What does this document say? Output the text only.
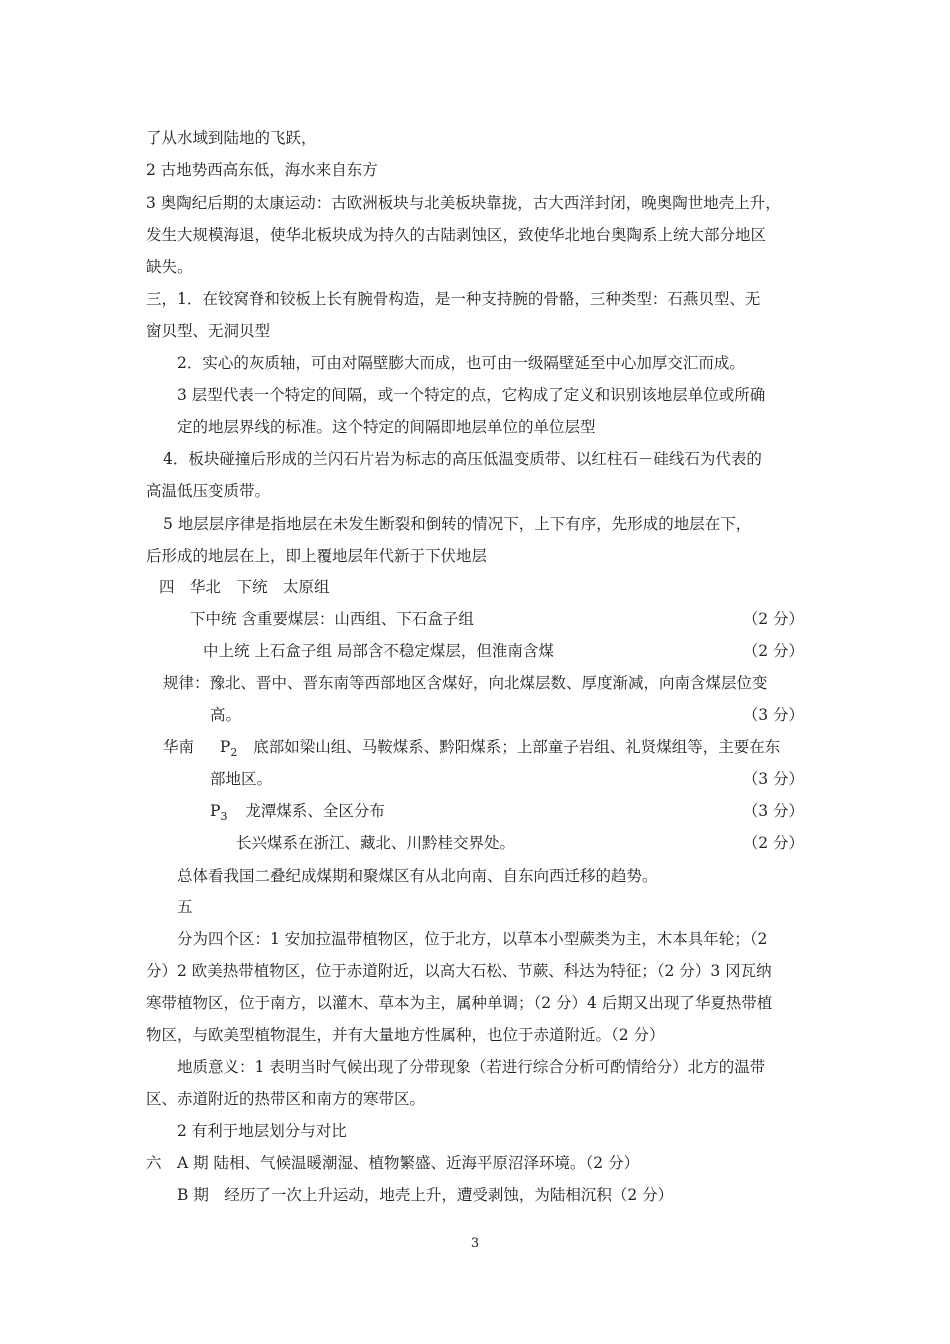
了从水域到陆地的飞跃，
2 古地势西高东低，海水来自东方
3 奥陶纪后期的太康运动：古欧洲板块与北美板块靠拢，古大西洋封闭，晚奥陶世地壳上升，
发生大规模海退，使华北板块成为持久的古陆剥蚀区，致使华北地台奥陶系上统大部分地区
缺失。
三，1．在铰窝脊和铰板上长有腕骨构造，是一种支持腕的骨骼，三种类型：石燕贝型、无
窗贝型、无洞贝型
2．实心的灰质轴，可由对隔壁膨大而成，也可由一级隔壁延至中心加厚交汇而成。
3 层型代表一个特定的间隔，或一个特定的点，它构成了定义和识别该地层单位或所确
定的地层界线的标准。这个特定的间隔即地层单位的单位层型
4．板块碰撞后形成的兰闪石片岩为标志的高压低温变质带、以红柱石－硅线石为代表的
高温低压变质带。
5 地层层序律是指地层在未发生断裂和倒转的情况下，上下有序，先形成的地层在下，
后形成的地层在上，即上覆地层年代新于下伏地层
四　华北　下统　太原组
下中统 含重要煤层：山西组、下石盒子组	（2 分）
中上统 上石盒子组 局部含不稳定煤层，但淮南含煤	（2 分）
规律：豫北、晋中、晋东南等西部地区含煤好，向北煤层数、厚度渐减，向南含煤层位变
高。	（3 分）
华南 $P_2$ 底部如梁山组、马鞍煤系、黔阳煤系；上部童子岩组、礼贤煤组等，主要在东
部地区。	（3 分）
$P_3$ 龙潭煤系、全区分布	（3 分）
长兴煤系在浙江、藏北、川黔桂交界处。	（2 分）
总体看我国二叠纪成煤期和聚煤区有从北向南、自东向西迁移的趋势。
五
分为四个区：1 安加拉温带植物区，位于北方，以草本小型蕨类为主，木本具年轮；（2
分）2 欧美热带植物区，位于赤道附近，以高大石松、节蕨、科达为特征；（2 分）3 冈瓦纳
寒带植物区，位于南方，以灌木、草本为主，属种单调；（2 分）4 后期又出现了华夏热带植
物区，与欧美型植物混生，并有大量地方性属种，也位于赤道附近。（2 分）
地质意义：1 表明当时气候出现了分带现象（若进行综合分析可酌情给分）北方的温带
区、赤道附近的热带区和南方的寒带区。
2 有利于地层划分与对比
六　A 期 陆相、气候温暖潮湿、植物繁盛、近海平原沼泽环境。（2 分）
B 期　经历了一次上升运动，地壳上升，遭受剥蚀，为陆相沉积（2 分）
3
